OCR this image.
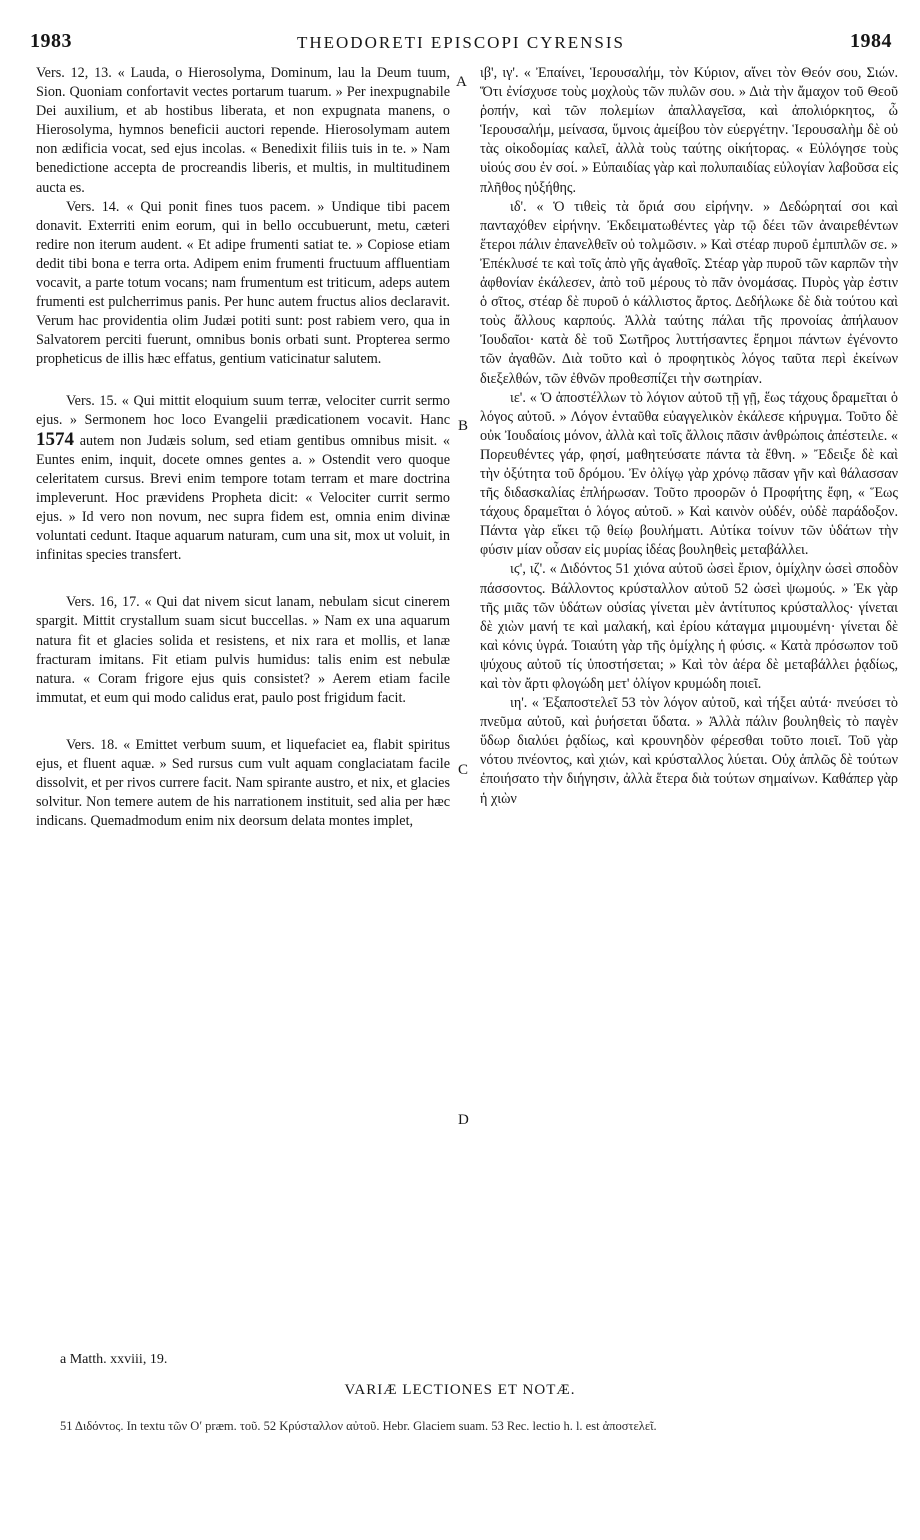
1983	THEODORETI EPISCOPI CYRENSIS	1984

Vers. 12, 13. « Lauda, o Hierosolyma, Dominum, lau la Deum tuum, Sion. Quoniam confortavit vectes portarum tuarum. » Per inexpugnabile Dei auxilium, et ab hostibus liberata, et non expugnata manens, o Hierosolyma, hymnos beneficii auctori repende. Hierosolymam autem non ædificia vocat, sed ejus incolas. « Benedixit filiis tuis in te. » Nam benedictione accepta de procreandis liberis, et multis, in multitudinem aucta es.

Vers. 14. « Qui ponit fines tuos pacem. » Undique tibi pacem donavit. Exterriti enim eorum, qui in bello occubuerunt, metu, cæteri redire non iterum audent. « Et adipe frumenti satiat te. » Copiose etiam dedit tibi bona e terra orta. Adipem enim frumenti fructuum affluentiam vocavit, a parte totum vocans; nam frumentum est triticum, adeps autem frumenti est pulcherrimus panis. Per hunc autem fructus alios declaravit. Verum hac providentia olim Judæi potiti sunt: post rabiem vero, qua in Salvatorem perciti fuerunt, omnibus bonis orbati sunt. Propterea sermo propheticus de illis hæc effatus, gentium vaticinatur salutem.

Vers. 15. « Qui mittit eloquium suum terræ, velociter currit sermo ejus. » Sermonem hoc loco Evangelii prædicationem vocavit. Hanc 1574 autem non Judæis solum, sed etiam gentibus omnibus misit. « Euntes enim, inquit, docete omnes gentes a. » Ostendit vero quoque celeritatem cursus. Brevi enim tempore totam terram et mare doctrina impleverunt. Hoc prævidens Propheta dicit: « Velociter currit sermo ejus. » Id vero non novum, nec supra fidem est, omnia enim divinæ voluntati cedunt. Itaque aquarum naturam, cum una sit, mox ut voluit, in infinitas species transfert.

Vers. 16, 17. « Qui dat nivem sicut lanam, nebulam sicut cinerem spargit. Mittit crystallum suam sicut buccellas. » Nam ex una aquarum natura fit et glacies solida et resistens, et nix rara et mollis, et lanæ fracturam imitans. Fit etiam pulvis humidus: talis enim est nebulæ natura. « Coram frigore ejus quis consistet? » Aerem etiam facile immutat, et eum qui modo calidus erat, paulo post frigidum facit.

Vers. 18. « Emittet verbum suum, et liquefaciet ea, flabit spiritus ejus, et fluent aquæ. » Sed rursus cum vult aquam conglaciatam facile dissolvit, et per rivos currere facit. Nam spirante austro, et nix, et glacies solvitur. Non temere autem de his narrationem instituit, sed alia per hæc indicans. Quemadmodum enim nix deorsum delata montes implet,

A
B
C
D

ιβ', ιγ'. « Ἐπαίνει, Ἱερουσαλήμ, τὸν Κύριον, αἴνει τὸν Θεόν σου, Σιών. Ὅτι ἐνίσχυσε τοὺς μοχλοὺς τῶν πυλῶν σου. » Διὰ τὴν ἄμαχον τοῦ Θεοῦ ῥοπήν, καὶ τῶν πολεμίων ἀπαλλαγεῖσα, καὶ ἀπολιόρκητος, ὦ Ἱερουσαλήμ, μείνασα, ὕμνοις ἀμείβου τὸν εὐεργέτην. Ἱερουσαλὴμ δὲ οὐ τὰς οἰκοδομίας καλεῖ, ἀλλὰ τοὺς ταύτης οἰκήτορας. « Εὐλόγησε τοὺς υἱούς σου ἐν σοί. » Εὐπαιδίας γὰρ καὶ πολυπαιδίας εὐλογίαν λαβοῦσα εἰς πλῆθος ηὐξήθης.

ιδ'. « Ὁ τιθεὶς τὰ ὅριά σου εἰρήνην. » Δεδώρηταί σοι καὶ πανταχόθεν εἰρήνην. Ἐκδειματωθέντες γὰρ τῷ δέει τῶν ἀναιρεθέντων ἕτεροι πάλιν ἐπανελθεῖν οὐ τολμῶσιν. » Καὶ στέαρ πυροῦ ἐμπιπλῶν σε. » Ἐπέκλυσέ τε καὶ τοῖς ἀπὸ γῆς ἀγαθοῖς. Στέαρ γὰρ πυροῦ τῶν καρπῶν τὴν ἀφθονίαν ἐκάλεσεν, ἀπὸ τοῦ μέρους τὸ πᾶν ὀνομάσας. Πυρὸς γὰρ ἐστιν ὁ σῖτος, στέαρ δὲ πυροῦ ὁ κάλλιστος ἄρτος. Δεδήλωκε δὲ διὰ τούτου καὶ τοὺς ἄλλους καρπούς. Ἀλλὰ ταύτης πάλαι τῆς προνοίας ἀπήλαυον Ἰουδαῖοι· κατὰ δὲ τοῦ Σωτῆρος λυττήσαντες ἔρημοι πάντων ἐγένοντο τῶν ἀγαθῶν. Διὰ τοῦτο καὶ ὁ προφητικὸς λόγος ταῦτα περὶ ἐκείνων διεξελθών, τῶν ἐθνῶν προθεσπίζει τὴν σωτηρίαν.

ιε'. « Ὁ ἀποστέλλων τὸ λόγιον αὐτοῦ τῇ γῇ, ἕως τάχους δραμεῖται ὁ λόγος αὐτοῦ. » Λόγον ἐνταῦθα εὐαγγελικὸν ἐκάλεσε κήρυγμα. Τοῦτο δὲ οὐκ Ἰουδαίοις μόνον, ἀλλὰ καὶ τοῖς ἄλλοις πᾶσιν ἀνθρώποις ἀπέστειλε. « Πορευθέντες γάρ, φησί, μαθητεύσατε πάντα τὰ ἔθνη. » Ἔδειξε δὲ καὶ τὴν ὀξύτητα τοῦ δρόμου. Ἐν ὀλίγῳ γὰρ χρόνῳ πᾶσαν γῆν καὶ θάλασσαν τῆς διδασκαλίας ἐπλήρωσαν. Τοῦτο προορῶν ὁ Προφήτης ἔφη, « Ἕως τάχους δραμεῖται ὁ λόγος αὐτοῦ. » Καὶ καινὸν οὐδέν, οὐδὲ παράδοξον. Πάντα γὰρ εἴκει τῷ θείῳ βουλήματι. Αὐτίκα τοίνυν τῶν ὑδάτων τὴν φύσιν μίαν οὖσαν εἰς μυρίας ἰδέας βουληθεὶς μεταβάλλει.

ιϛ', ιζ'. « Διδόντος 51 χιόνα αὐτοῦ ὡσεὶ ἔριον, ὁμίχλην ὡσεὶ σποδὸν πάσσοντος. Βάλλοντος κρύσταλλον αὐτοῦ 52 ὡσεὶ ψωμούς. » Ἐκ γὰρ τῆς μιᾶς τῶν ὑδάτων οὐσίας γίνεται μὲν ἀντίτυπος κρύσταλλος· γίνεται δὲ χιὼν μανή τε καὶ μαλακή, καὶ ἐρίου κάταγμα μιμουμένη· γίνεται δὲ καὶ κόνις ὑγρά. Τοιαύτη γὰρ τῆς ὁμίχλης ἡ φύσις. « Κατὰ πρόσωπον τοῦ ψύχους αὐτοῦ τίς ὑποστήσεται; » Καὶ τὸν ἀέρα δὲ μεταβάλλει ῥᾳδίως, καὶ τὸν ἄρτι φλογώδη μετ' ὀλίγον κρυμώδη ποιεῖ.

ιη'. « Ἐξαποστελεῖ 53 τὸν λόγον αὐτοῦ, καὶ τήξει αὐτά· πνεύσει τὸ πνεῦμα αὐτοῦ, καὶ ῥυήσεται ὕδατα. » Ἀλλὰ πάλιν βουληθεὶς τὸ παγὲν ὕδωρ διαλύει ῥᾳδίως, καὶ κρουνηδὸν φέρεσθαι τοῦτο ποιεῖ. Τοῦ γὰρ νότου πνέοντος, καὶ χιών, καὶ κρύσταλλος λύεται. Οὐχ ἁπλῶς δὲ τούτων ἐποιήσατο τὴν διήγησιν, ἀλλὰ ἕτερα διὰ τούτων σημαίνων. Καθάπερ γὰρ ἡ χιὼν

a Matth. xxviii, 19.
VARIÆ LECTIONES ET NOTÆ.
51 Διδόντος. In textu τῶν Oʹ præm. τοῦ. 52 Κρύσταλλον αὐτοῦ. Hebr. Glaciem suam. 53 Rec. lectio h. l. est ἀποστελεῖ.
